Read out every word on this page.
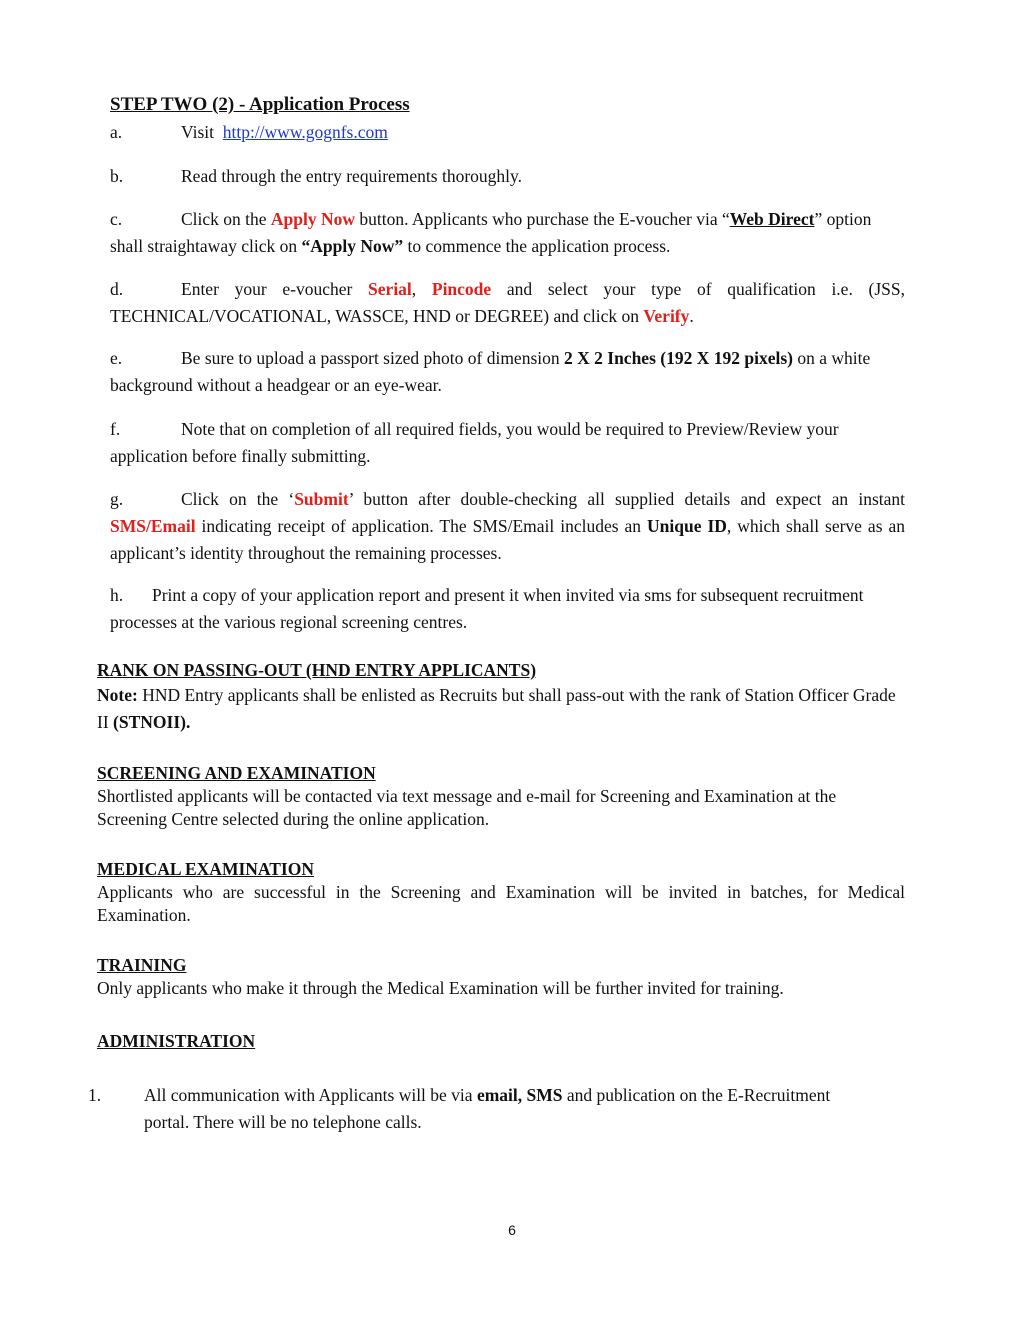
STEP TWO (2) - Application Process
a.	Visit http://www.gognfs.com
b.	Read through the entry requirements thoroughly.
c.	Click on the Apply Now button. Applicants who purchase the E-voucher via “Web Direct” option shall straightaway click on “Apply Now” to commence the application process.
d.	Enter your e-voucher Serial, Pincode and select your type of qualification i.e. (JSS, TECHNICAL/VOCATIONAL, WASSCE, HND or DEGREE) and click on Verify.
e.	Be sure to upload a passport sized photo of dimension 2 X 2 Inches (192 X 192 pixels) on a white background without a headgear or an eye-wear.
f.	Note that on completion of all required fields, you would be required to Preview/Review your application before finally submitting.
g.	Click on the ‘Submit’ button after double-checking all supplied details and expect an instant SMS/Email indicating receipt of application. The SMS/Email includes an Unique ID, which shall serve as an applicant’s identity throughout the remaining processes.
h. Print a copy of your application report and present it when invited via sms for subsequent recruitment processes at the various regional screening centres.
RANK ON PASSING-OUT (HND ENTRY APPLICANTS)
Note: HND Entry applicants shall be enlisted as Recruits but shall pass-out with the rank of Station Officer Grade II (STNOII).
SCREENING AND EXAMINATION
Shortlisted applicants will be contacted via text message and e-mail for Screening and Examination at the Screening Centre selected during the online application.
MEDICAL EXAMINATION
Applicants who are successful in the Screening and Examination will be invited in batches, for Medical Examination.
TRAINING
Only applicants who make it through the Medical Examination will be further invited for training.
ADMINISTRATION
1. All communication with Applicants will be via email, SMS and publication on the E-Recruitment portal. There will be no telephone calls.
6
